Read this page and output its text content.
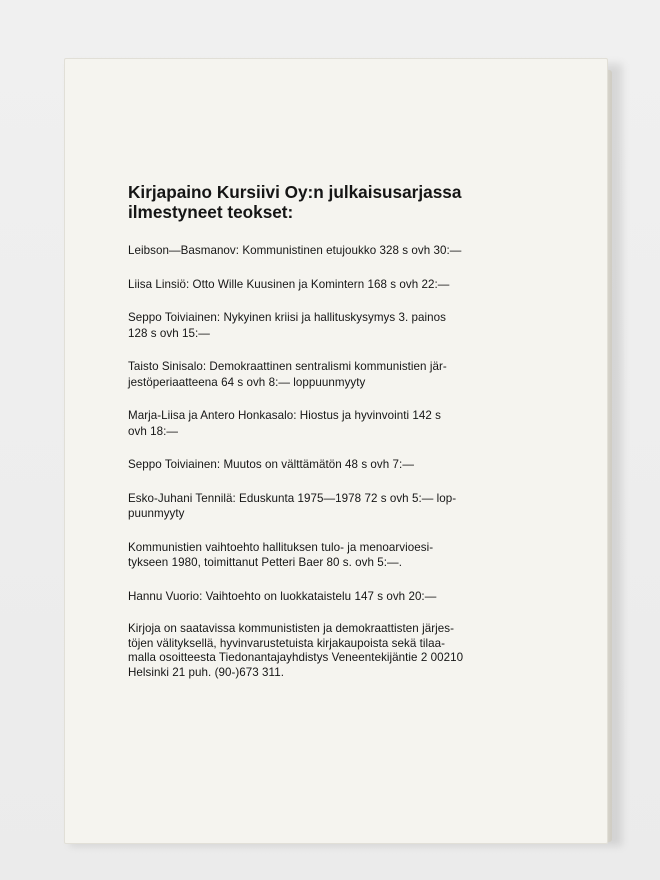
Kirjapaino Kursiivi Oy:n julkaisusarjassa
ilmestyneet teokset:
Leibson—Basmanov: Kommunistinen etujoukko 328 s ovh 30:—
Liisa Linsiö: Otto Wille Kuusinen ja Komintern 168 s ovh 22:—
Seppo Toiviainen: Nykyinen kriisi ja hallituskysymys 3. painos
128 s ovh 15:—
Taisto Sinisalo: Demokraattinen sentralismi kommunistien jär-
jestöperiaatteena 64 s ovh 8:— loppuunmyyty
Marja-Liisa ja Antero Honkasalo: Hiostus ja hyvinvointi 142 s
ovh 18:—
Seppo Toiviainen: Muutos on välttämätön 48 s ovh 7:—
Esko-Juhani Tennilä: Eduskunta 1975—1978 72 s ovh 5:— lop-
puunmyyty
Kommunistien vaihtoehto hallituksen tulo- ja menoarvioesi-
tykseen 1980, toimittanut Petteri Baer 80 s. ovh 5:—.
Hannu Vuorio: Vaihtoehto on luokkataistelu 147 s ovh 20:—
Kirjoja on saatavissa kommunististen ja demokraattisten järjes-
töjen välityksellä, hyvinvarustetuista kirjakaupoista sekä tilaa-
malla osoitteesta Tiedonantajayhdistys Veneentekijäntie 2 00210
Helsinki 21 puh. (90-)673 311.
